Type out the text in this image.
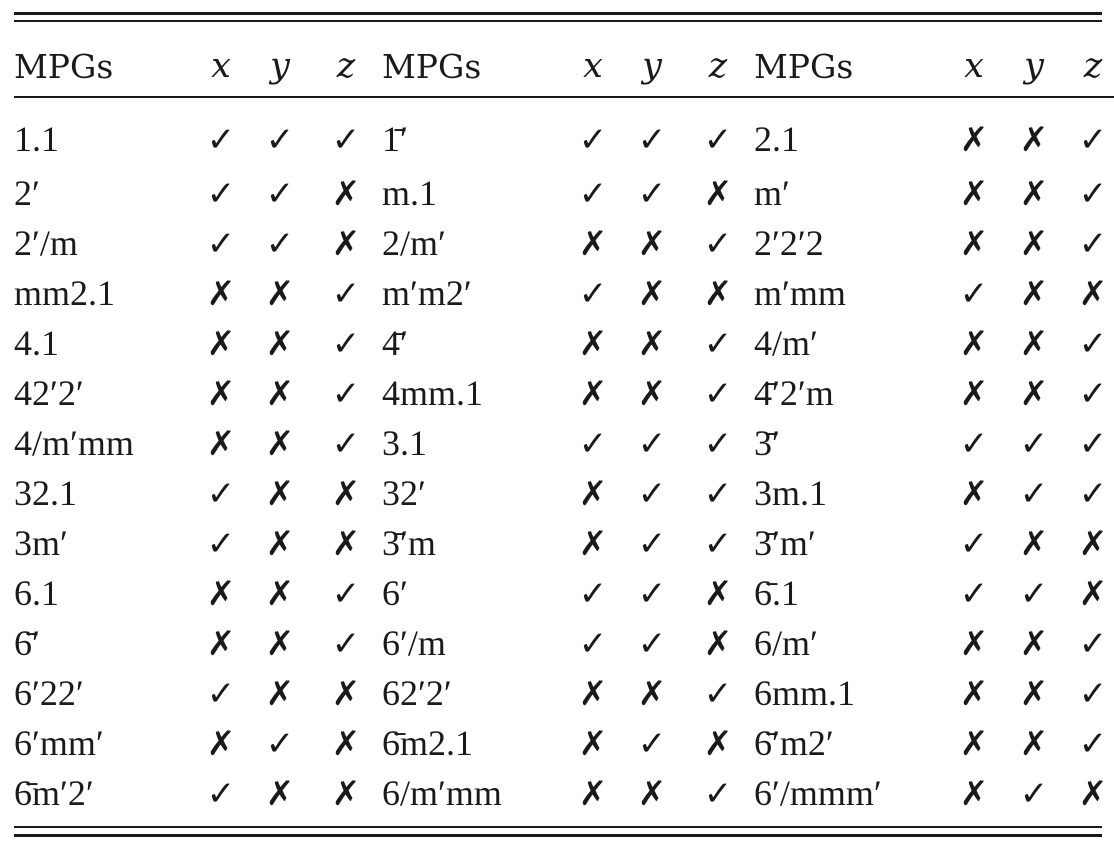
MPGs	x	y	z	MPGs	x	y	z	MPGs	x	y	z
1.1	✓	✓	✓	1̄′	✓	✓	✓	2.1	✗	✗	✓
2′	✓	✓	✗	m.1	✓	✓	✗	m′	✗	✗	✓
2′/m	✓	✓	✗	2/m′	✗	✗	✓	2′2′2	✗	✗	✓
mm2.1	✗	✗	✓	m′m2′	✓	✗	✗	m′mm	✓	✗	✗
4.1	✗	✗	✓	4̄′	✗	✗	✓	4/m′	✗	✗	✓
42′2′	✗	✗	✓	4mm.1	✗	✗	✓	4̄′2′m	✗	✗	✓
4/m′mm	✗	✗	✓	3.1	✓	✓	✓	3̄′	✓	✓	✓
32.1	✓	✗	✗	32′	✗	✓	✓	3m.1	✗	✓	✓
3m′	✓	✗	✗	3̄′m	✗	✓	✓	3̄′m′	✓	✗	✗
6.1	✗	✗	✓	6′	✓	✓	✗	6̄.1	✓	✓	✗
6̄′	✗	✗	✓	6′/m	✓	✓	✗	6/m′	✗	✗	✓
6′22′	✓	✗	✗	62′2′	✗	✗	✓	6mm.1	✗	✗	✓
6′mm′	✗	✓	✗	6̄m2.1	✗	✓	✗	6̄′m2′	✗	✗	✓
6̄m′2′	✓	✗	✗	6/m′mm	✗	✗	✓	6′/mmm′	✗	✓	✗
